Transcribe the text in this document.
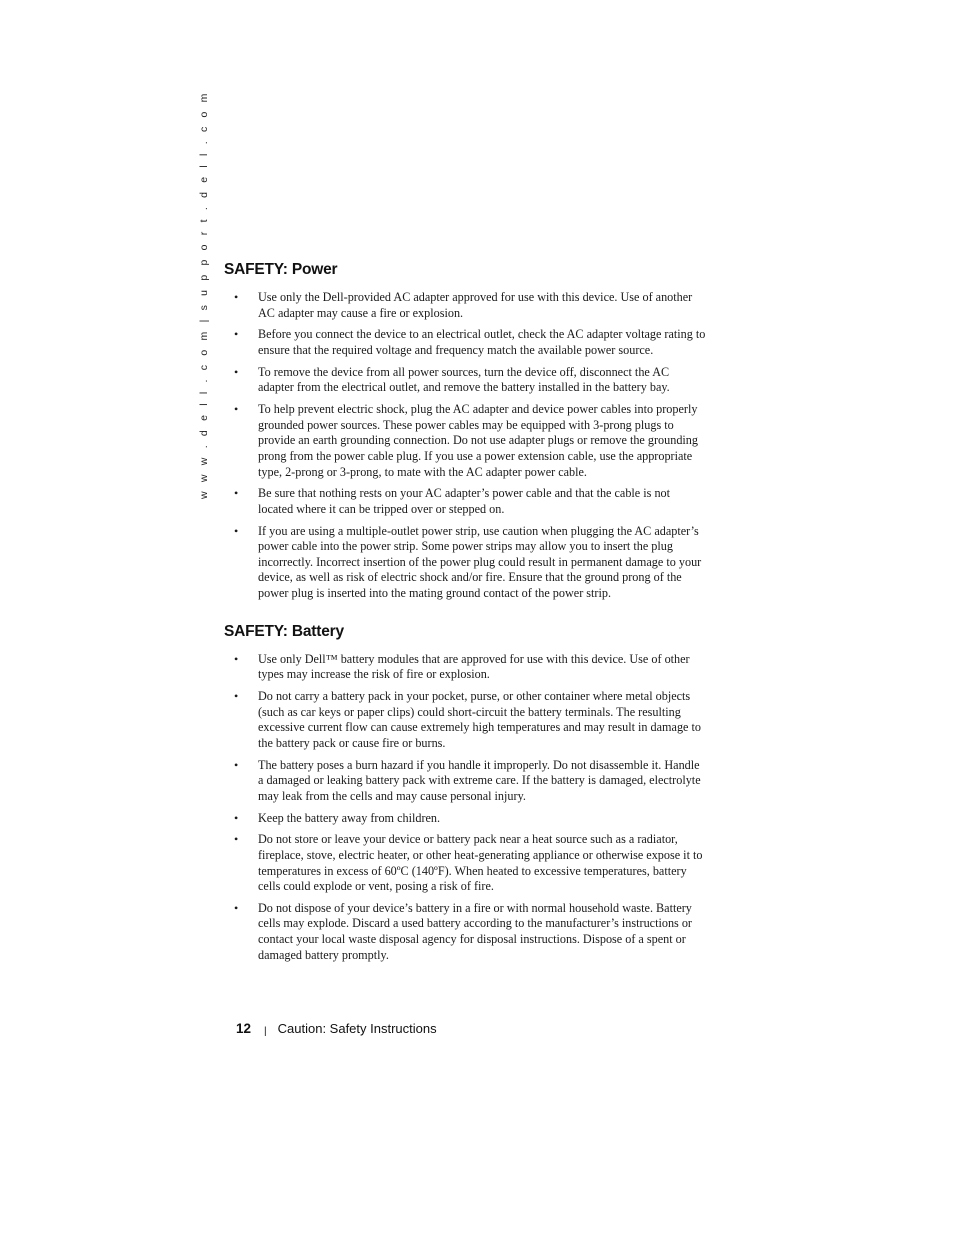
w w w . d e l l . c o m | s u p p o r t . d e l l . c o m SAFETY: Power
• Use only the Dell-provided AC adapter approved for use with this device. Use of another AC adapter may cause a fire or explosion.
• Before you connect the device to an electrical outlet, check the AC adapter voltage rating to ensure that the required voltage and frequency match the available power source.
• To remove the device from all power sources, turn the device off, disconnect the AC adapter from the electrical outlet, and remove the battery installed in the battery bay.
• To help prevent electric shock, plug the AC adapter and device power cables into properly grounded power sources. These power cables may be equipped with 3-prong plugs to provide an earth grounding connection. Do not use adapter plugs or remove the grounding prong from the power cable plug. If you use a power extension cable, use the appropriate type, 2-prong or 3-prong, to mate with the AC adapter power cable.
• Be sure that nothing rests on your AC adapter’s power cable and that the cable is not located where it can be tripped over or stepped on.
• If you are using a multiple-outlet power strip, use caution when plugging the AC adapter’s power cable into the power strip. Some power strips may allow you to insert the plug incorrectly. Incorrect insertion of the power plug could result in permanent damage to your device, as well as risk of electric shock and/or fire. Ensure that the ground prong of the power plug is inserted into the mating ground contact of the power strip.
SAFETY: Battery
• Use only Dell™ battery modules that are approved for use with this device. Use of other types may increase the risk of fire or explosion.
• Do not carry a battery pack in your pocket, purse, or other container where metal objects (such as car keys or paper clips) could short-circuit the battery terminals. The resulting excessive current flow can cause extremely high temperatures and may result in damage to the battery pack or cause fire or burns.
• The battery poses a burn hazard if you handle it improperly. Do not disassemble it. Handle a damaged or leaking battery pack with extreme care. If the battery is damaged, electrolyte may leak from the cells and may cause personal injury.
• Keep the battery away from children.
• Do not store or leave your device or battery pack near a heat source such as a radiator, fireplace, stove, electric heater, or other heat-generating appliance or otherwise expose it to temperatures in excess of 60ºC (140ºF). When heated to excessive temperatures, battery cells could explode or vent, posing a risk of fire.
• Do not dispose of your device’s battery in a fire or with normal household waste. Battery cells may explode. Discard a used battery according to the manufacturer’s instructions or contact your local waste disposal agency for disposal instructions. Dispose of a spent or damaged battery promptly.
12 | Caution: Safety Instructions
